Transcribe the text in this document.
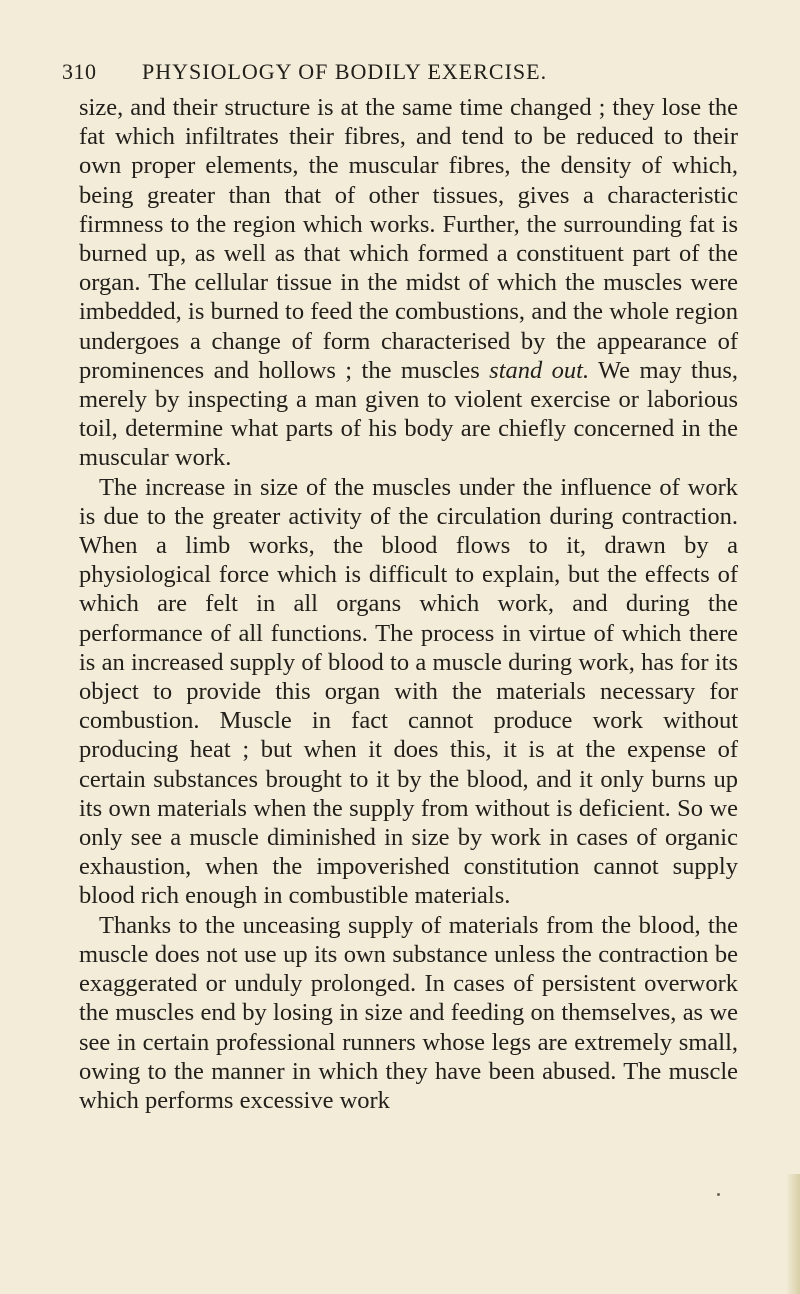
310 PHYSIOLOGY OF BODILY EXERCISE.

size, and their structure is at the same time changed ; they lose the fat which infiltrates their fibres, and tend to be reduced to their own proper elements, the muscular fibres, the density of which, being greater than that of other tissues, gives a characteristic firmness to the region which works. Further, the surrounding fat is burned up, as well as that which formed a constituent part of the organ. The cellular tissue in the midst of which the muscles were imbedded, is burned to feed the combustions, and the whole region undergoes a change of form characterised by the appearance of prominences and hollows ; the muscles stand out. We may thus, merely by inspecting a man given to violent exercise or laborious toil, determine what parts of his body are chiefly concerned in the muscular work.

The increase in size of the muscles under the influence of work is due to the greater activity of the circulation during contraction. When a limb works, the blood flows to it, drawn by a physiological force which is difficult to explain, but the effects of which are felt in all organs which work, and during the performance of all functions. The process in virtue of which there is an increased supply of blood to a muscle during work, has for its object to provide this organ with the materials necessary for combustion. Muscle in fact cannot produce work without producing heat ; but when it does this, it is at the expense of certain substances brought to it by the blood, and it only burns up its own materials when the supply from without is deficient. So we only see a muscle diminished in size by work in cases of organic exhaustion, when the impoverished constitution cannot supply blood rich enough in combustible materials.

Thanks to the unceasing supply of materials from the blood, the muscle does not use up its own substance unless the contraction be exaggerated or unduly prolonged. In cases of persistent overwork the muscles end by losing in size and feeding on themselves, as we see in certain professional runners whose legs are extremely small, owing to the manner in which they have been abused. The muscle which performs excessive work
